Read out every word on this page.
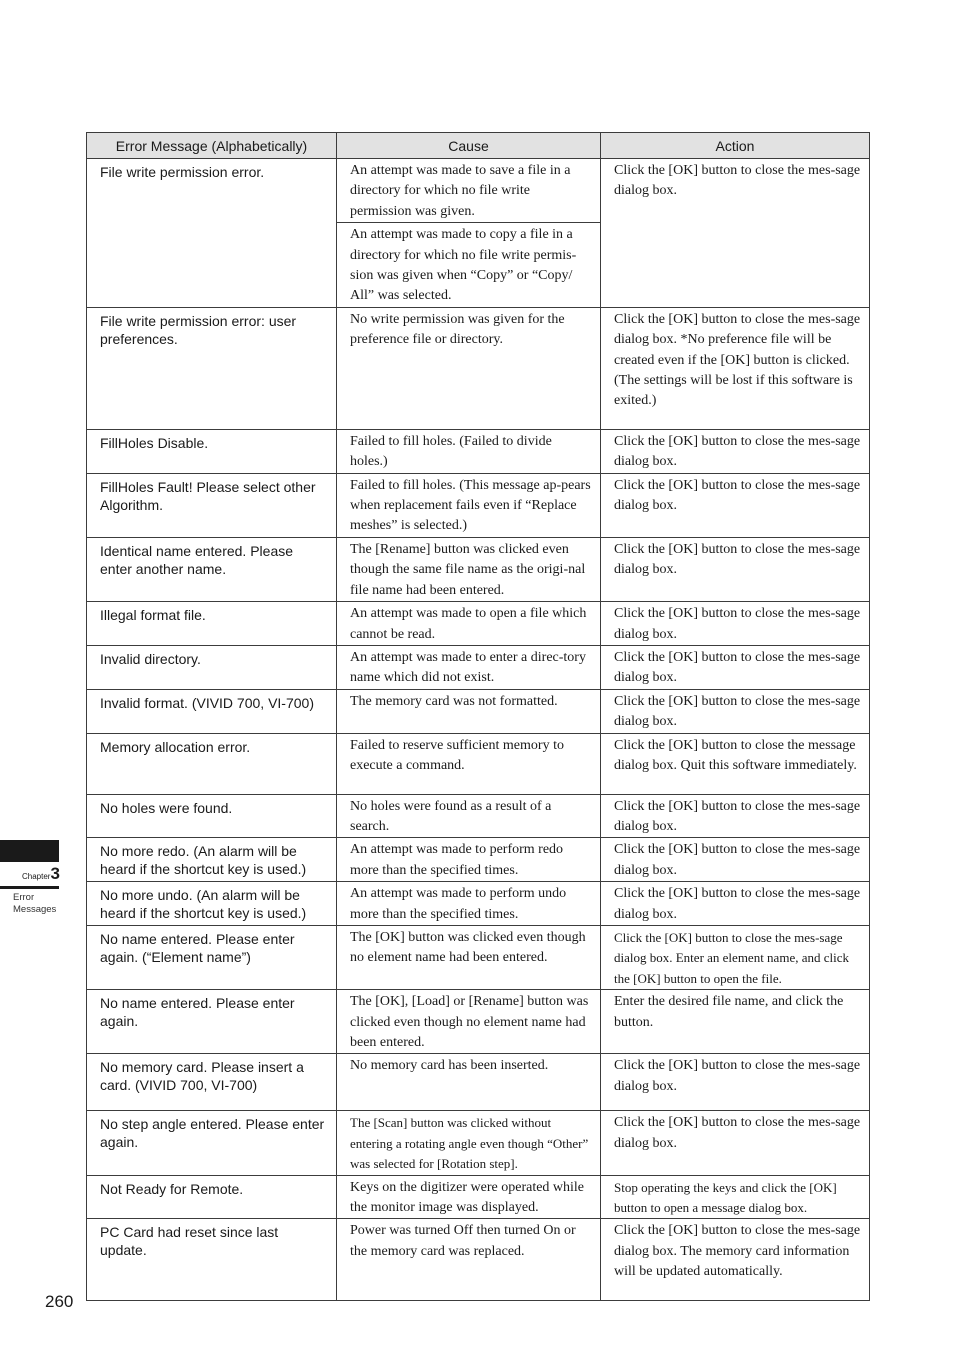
Error Message (Alphabetically)	Cause	Action
File write permission error.	An attempt was made to save a file in a directory for which no file write permission was given.	Click the [OK] button to close the mes-sage dialog box.
	An attempt was made to copy a file in a directory for which no file write permis-sion was given when “Copy” or “Copy/ All” was selected.	
File write permission error: user preferences.	No write permission was given for the preference file or directory.	Click the [OK] button to close the mes-sage dialog box. *No preference file will be created even if the [OK] button is clicked. (The settings will be lost if this software is exited.)
FillHoles Disable.	Failed to fill holes. (Failed to divide holes.)	Click the [OK] button to close the mes-sage dialog box.
FillHoles Fault! Please select other Algorithm.	Failed to fill holes. (This message ap-pears when replacement fails even if “Replace meshes” is selected.)	Click the [OK] button to close the mes-sage dialog box.
Identical name entered. Please enter another name.	The [Rename] button was clicked even though the same file name as the origi-nal file name had been entered.	Click the [OK] button to close the mes-sage dialog box.
Illegal format file.	An attempt was made to open a file which cannot be read.	Click the [OK] button to close the mes-sage dialog box.
Invalid directory.	An attempt was made to enter a direc-tory name which did not exist.	Click the [OK] button to close the mes-sage dialog box.
Invalid format. (VIVID 700, VI-700)	The memory card was not formatted.	Click the [OK] button to close the mes-sage dialog box.
Memory allocation error.	Failed to reserve sufficient memory to execute a command.	Click the [OK] button to close the message dialog box. Quit this software immediately.
No holes were found.	No holes were found as a result of a search.	Click the [OK] button to close the mes-sage dialog box.
No more redo. (An alarm will be heard if the shortcut key is used.)	An attempt was made to perform redo more than the specified times.	Click the [OK] button to close the mes-sage dialog box.
No more undo. (An alarm will be heard if the shortcut key is used.)	An attempt was made to perform undo more than the specified times.	Click the [OK] button to close the mes-sage dialog box.
No name entered. Please enter again. (“Element name”)	The [OK] button was clicked even though no element name had been entered.	Click the [OK] button to close the mes-sage dialog box. Enter an element name, and click the [OK] button to open the file.
No name entered. Please enter again.	The [OK], [Load] or [Rename] button was clicked even though no element name had been entered.	Enter the desired file name, and click the button.
No memory card. Please insert a card. (VIVID 700, VI-700)	No memory card has been inserted.	Click the [OK] button to close the mes-sage dialog box.
No step angle entered. Please enter again.	The [Scan] button was clicked without entering a rotating angle even though “Other” was selected for [Rotation step].	Click the [OK] button to close the mes-sage dialog box.
Not Ready for Remote.	Keys on the digitizer were operated while the monitor image was displayed.	Stop operating the keys and click the [OK] button to open a message dialog box.
PC Card had reset since last update.	Power was turned Off then turned On or the memory card was replaced.	Click the [OK] button to close the mes-sage dialog box. The memory card information will be updated automatically.
Chapter3
Error
Messages
260
